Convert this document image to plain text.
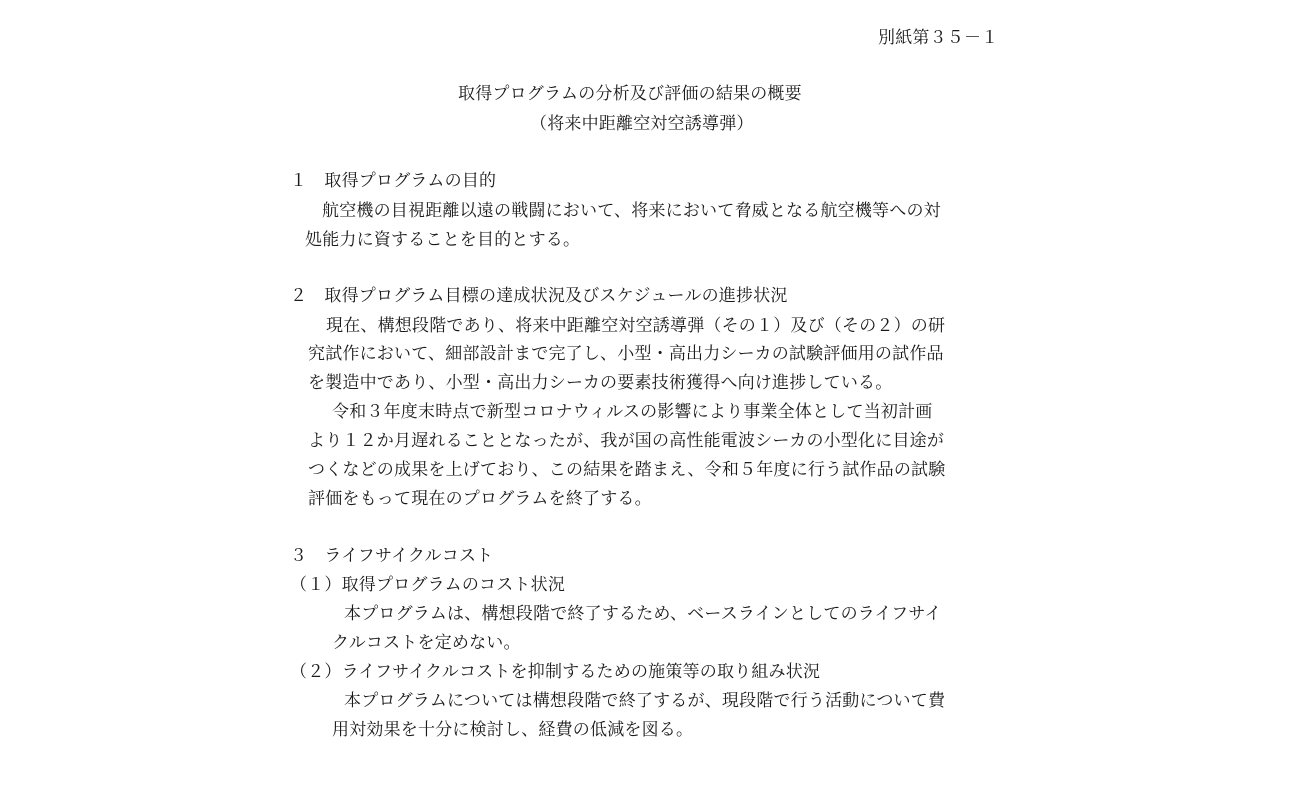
別紙第３５－１
取得プログラムの分析及び評価の結果の概要
（将来中距離空対空誘導弾）
１　取得プログラムの目的
航空機の目視距離以遠の戦闘において、将来において脅威となる航空機等への対
処能力に資することを目的とする。
２　取得プログラム目標の達成状況及びスケジュールの進捗状況
現在、構想段階であり、将来中距離空対空誘導弾（その１）及び（その２）の研
究試作において、細部設計まで完了し、小型・高出力シーカの試験評価用の試作品
を製造中であり、小型・高出力シーカの要素技術獲得へ向け進捗している。
令和３年度末時点で新型コロナウィルスの影響により事業全体として当初計画
より１２か月遅れることとなったが、我が国の高性能電波シーカの小型化に目途が
つくなどの成果を上げており、この結果を踏まえ、令和５年度に行う試作品の試験
評価をもって現在のプログラムを終了する。
３　ライフサイクルコスト
（１）取得プログラムのコスト状況
本プログラムは、構想段階で終了するため、ベースラインとしてのライフサイ
クルコストを定めない。
（２）ライフサイクルコストを抑制するための施策等の取り組み状況
本プログラムについては構想段階で終了するが、現段階で行う活動について費
用対効果を十分に検討し、経費の低減を図る。
